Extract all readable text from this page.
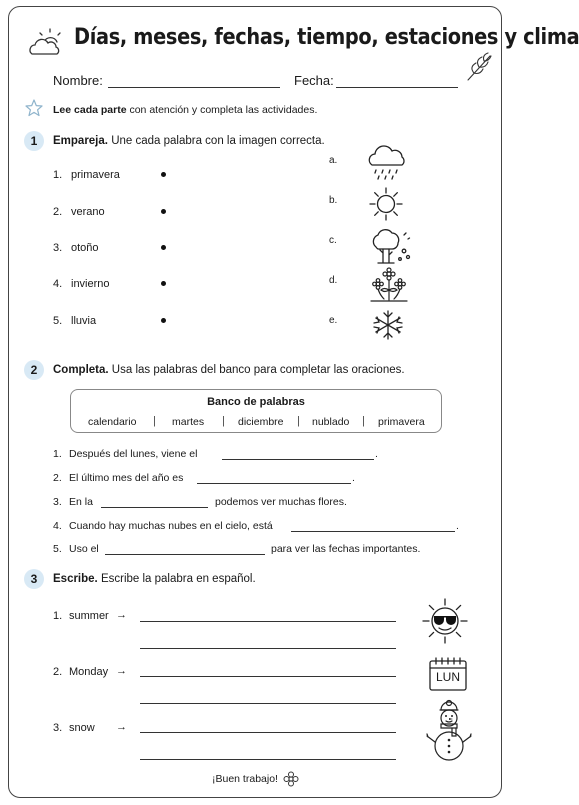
Días, meses, fechas, tiempo, estaciones y clima
Nombre:	Fecha:
Lee cada parte con atención y completa las actividades.
1	Empareja. Une cada palabra con la imagen correcta.
1. primavera
2. verano
3. otoño
4. invierno
5. lluvia
a.
b.
c.
d.
e.
2	Completa. Usa las palabras del banco para completar las oraciones.
Banco de palabras
calendario | martes | diciembre | nublado | primavera
1. Después del lunes, viene el	.
2. El último mes del año es	.
3. En la	podemos ver muchas flores.
4. Cuando hay muchas nubes en el cielo, está	.
5. Uso el	para ver las fechas importantes.
3	Escribe. Escribe la palabra en español.
1. summer →
2. Monday →
3. snow →
LUN
¡Buen trabajo!
